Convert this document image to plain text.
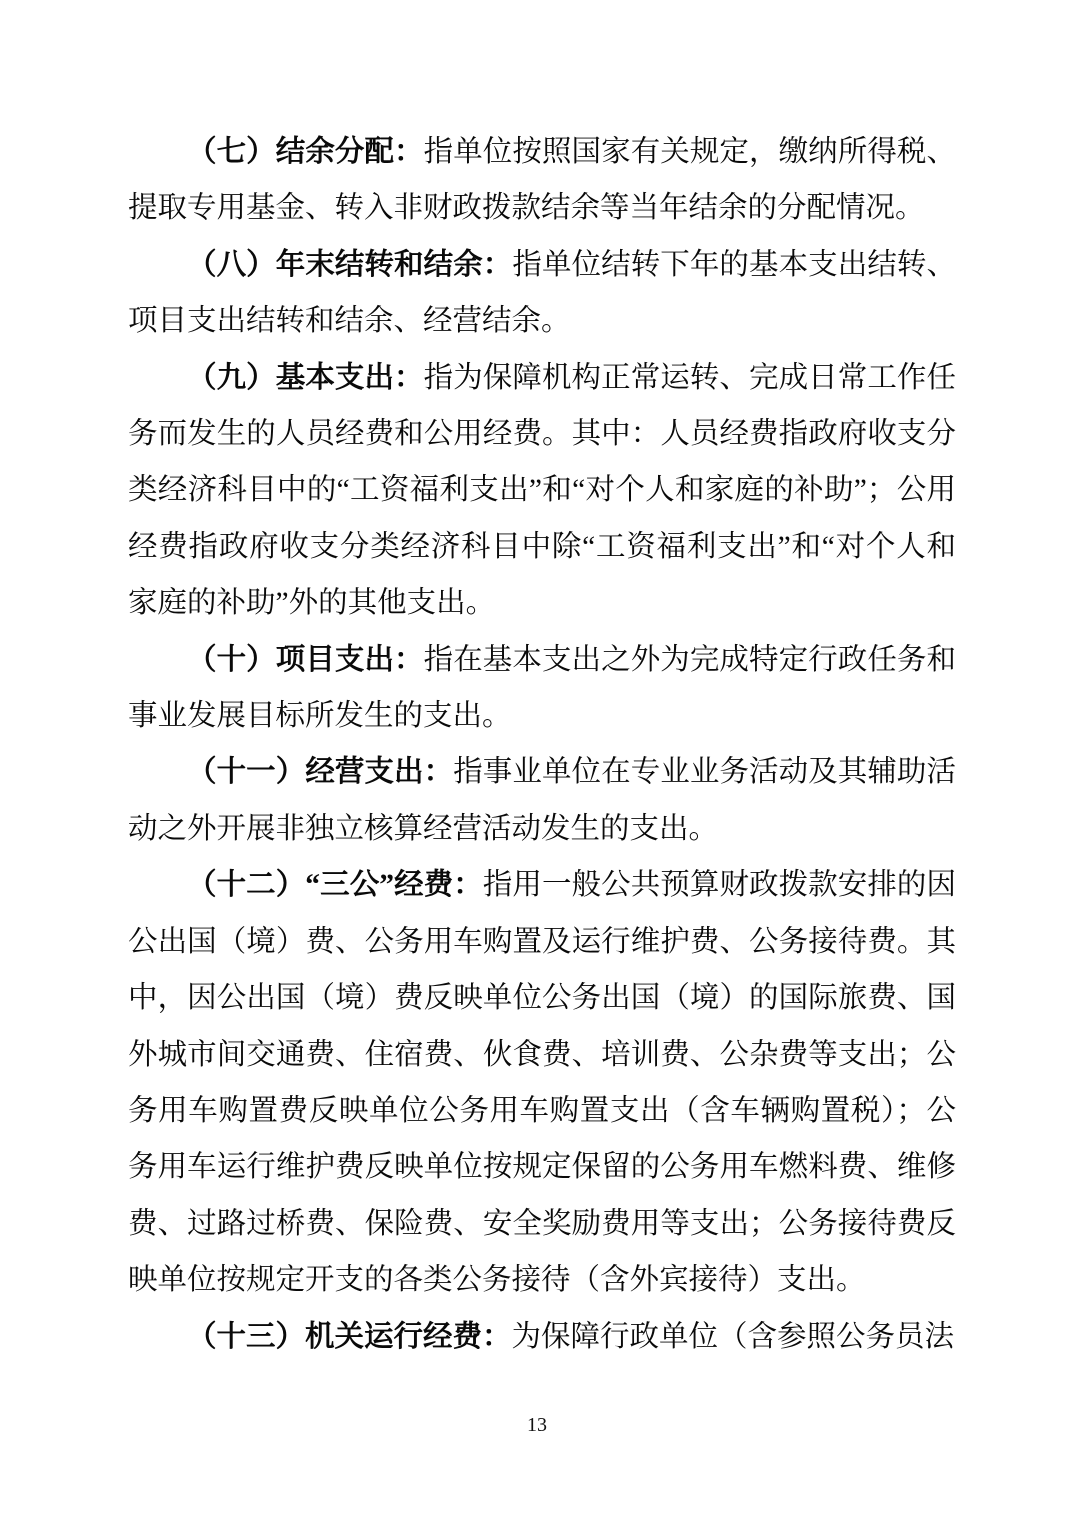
（七）结余分配：指单位按照国家有关规定，缴纳所得税、提取专用基金、转入非财政拨款结余等当年结余的分配情况。

（八）年末结转和结余：指单位结转下年的基本支出结转、项目支出结转和结余、经营结余。

（九）基本支出：指为保障机构正常运转、完成日常工作任务而发生的人员经费和公用经费。其中：人员经费指政府收支分类经济科目中的“工资福利支出”和“对个人和家庭的补助”；公用经费指政府收支分类经济科目中除“工资福利支出”和“对个人和家庭的补助”外的其他支出。

（十）项目支出：指在基本支出之外为完成特定行政任务和事业发展目标所发生的支出。

（十一）经营支出：指事业单位在专业业务活动及其辅助活动之外开展非独立核算经营活动发生的支出。

（十二）“三公”经费：指用一般公共预算财政拨款安排的因公出国（境）费、公务用车购置及运行维护费、公务接待费。其中，因公出国（境）费反映单位公务出国（境）的国际旅费、国外城市间交通费、住宿费、伙食费、培训费、公杂费等支出；公务用车购置费反映单位公务用车购置支出（含车辆购置税）；公务用车运行维护费反映单位按规定保留的公务用车燃料费、维修费、过路过桥费、保险费、安全奖励费用等支出；公务接待费反映单位按规定开支的各类公务接待（含外宾接待）支出。

（十三）机关运行经费：为保障行政单位（含参照公务员法

13
